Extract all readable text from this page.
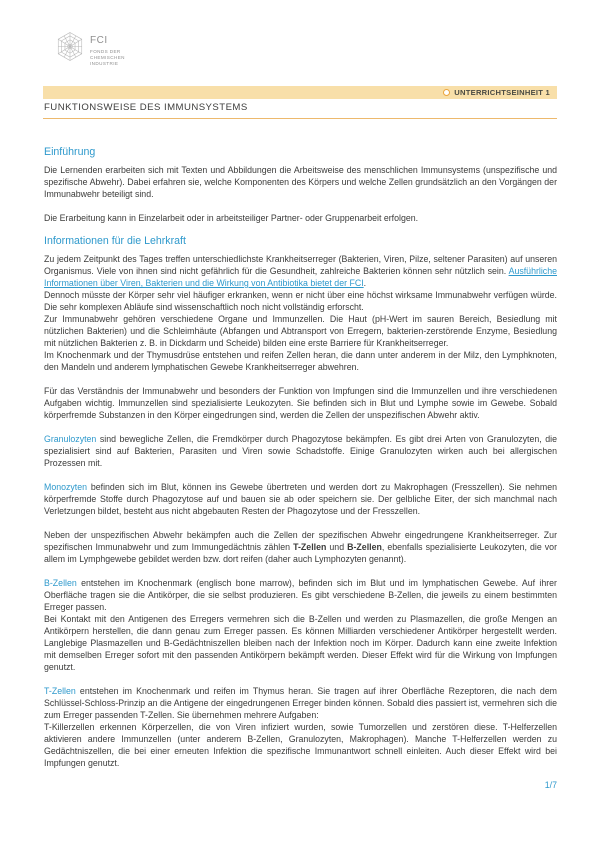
FCI
FONDS DER
CHEMISCHEN
INDUSTRIE
UNTERRICHTSEINHEIT 1
FUNKTIONSWEISE DES IMMUNSYSTEMS
Einführung

Die Lernenden erarbeiten sich mit Texten und Abbildungen die Arbeitsweise des menschlichen Immunsystems (unspezifische und spezifische Abwehr). Dabei erfahren sie, welche Komponenten des Körpers und welche Zellen grundsätzlich an den Vorgängen der Immunabwehr beteiligt sind.

Die Erarbeitung kann in Einzelarbeit oder in arbeitsteiliger Partner- oder Gruppenarbeit erfolgen.

Informationen für die Lehrkraft

Zu jedem Zeitpunkt des Tages treffen unterschiedlichste Krankheitserreger (Bakterien, Viren, Pilze, seltener Parasiten) auf unseren Organismus. Viele von ihnen sind nicht gefährlich für die Gesundheit, zahlreiche Bakterien können sehr nützlich sein. Ausführliche Informationen über Viren, Bakterien und die Wirkung von Antibiotika bietet der FCI.

Dennoch müsste der Körper sehr viel häufiger erkranken, wenn er nicht über eine höchst wirksame Immunabwehr verfügen würde. Die sehr komplexen Abläufe sind wissenschaftlich noch nicht vollständig erforscht.

Zur Immunabwehr gehören verschiedene Organe und Immunzellen. Die Haut (pH-Wert im sauren Bereich, Besiedlung mit nützlichen Bakterien) und die Schleimhäute (Abfangen und Abtransport von Erregern, bakterien-zerstörende Enzyme, Besiedlung mit nützlichen Bakterien z. B. in Dickdarm und Scheide) bilden eine erste Barriere für Krankheitserreger.

Im Knochenmark und der Thymusdrüse entstehen und reifen Zellen heran, die dann unter anderem in der Milz, den Lymphknoten, den Mandeln und anderem lymphatischen Gewebe Krankheitserreger abwehren.

Für das Verständnis der Immunabwehr und besonders der Funktion von Impfungen sind die Immunzellen und ihre verschiedenen Aufgaben wichtig. Immunzellen sind spezialisierte Leukozyten. Sie befinden sich in Blut und Lymphe sowie im Gewebe. Sobald körperfremde Substanzen in den Körper eingedrungen sind, werden die Zellen der unspezifischen Abwehr aktiv.

Granulozyten sind bewegliche Zellen, die Fremdkörper durch Phagozytose bekämpfen. Es gibt drei Arten von Granulozyten, die spezialisiert sind auf Bakterien, Parasiten und Viren sowie Schadstoffe. Einige Granulozyten wirken auch bei allergischen Prozessen mit.

Monozyten befinden sich im Blut, können ins Gewebe übertreten und werden dort zu Makrophagen (Fresszellen). Sie nehmen körperfremde Stoffe durch Phagozytose auf und bauen sie ab oder speichern sie. Der gelbliche Eiter, der sich manchmal nach Verletzungen bildet, besteht aus nicht abgebauten Resten der Phagozytose und der Fresszellen.

Neben der unspezifischen Abwehr bekämpfen auch die Zellen der spezifischen Abwehr eingedrungene Krankheitserreger. Zur spezifischen Immunabwehr und zum Immungedächtnis zählen T-Zellen und B-Zellen, ebenfalls spezialisierte Leukozyten, die vor allem im Lymphgewebe gebildet werden bzw. dort reifen (daher auch Lymphozyten genannt).

B-Zellen entstehen im Knochenmark (englisch bone marrow), befinden sich im Blut und im lymphatischen Gewebe. Auf ihrer Oberfläche tragen sie die Antikörper, die sie selbst produzieren. Es gibt verschiedene B-Zellen, die jeweils zu einem bestimmten Erreger passen.

Bei Kontakt mit den Antigenen des Erregers vermehren sich die B-Zellen und werden zu Plasmazellen, die große Mengen an Antikörpern herstellen, die dann genau zum Erreger passen. Es können Milliarden verschiedener Antikörper hergestellt werden. Langlebige Plasmazellen und B-Gedächtniszellen bleiben nach der Infektion noch im Körper. Dadurch kann eine zweite Infektion mit demselben Erreger sofort mit den passenden Antikörpern bekämpft werden. Dieser Effekt wird für die Wirkung von Impfungen genutzt.

T-Zellen entstehen im Knochenmark und reifen im Thymus heran. Sie tragen auf ihrer Oberfläche Rezeptoren, die nach dem Schlüssel-Schloss-Prinzip an die Antigene der eingedrungenen Erreger binden können. Sobald dies passiert ist, vermehren sich die zum Erreger passenden T-Zellen. Sie übernehmen mehrere Aufgaben:

T-Killerzellen erkennen Körperzellen, die von Viren infiziert wurden, sowie Tumorzellen und zerstören diese. T-Helferzellen aktivieren andere Immunzellen (unter anderem B-Zellen, Granulozyten, Makrophagen). Manche T-Helferzellen werden zu Gedächtniszellen, die bei einer erneuten Infektion die spezifische Immunantwort schnell einleiten. Auch dieser Effekt wird bei Impfungen genutzt.

1/7
